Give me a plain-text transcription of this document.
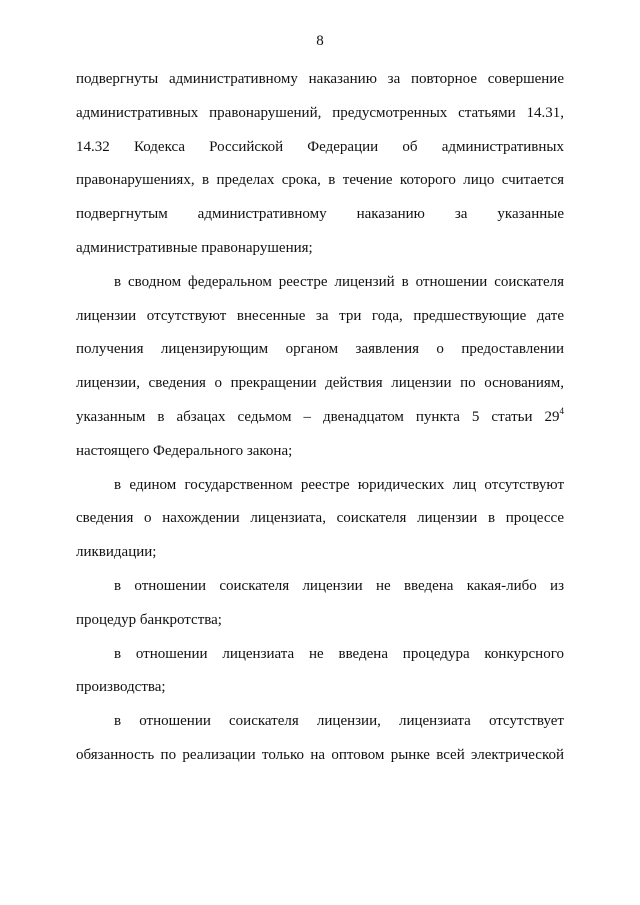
8
подвергнуты административному наказанию за повторное совершение
административных правонарушений, предусмотренных статьями 14.31,
14.32 Кодекса Российской Федерации об административных
правонарушениях, в пределах срока, в течение которого лицо считается
подвергнутым административному наказанию за указанные
административные правонарушения;
в сводном федеральном реестре лицензий в отношении соискателя
лицензии отсутствуют внесенные за три года, предшествующие дате
получения лицензирующим органом заявления о предоставлении
лицензии, сведения о прекращении действия лицензии по основаниям,
указанным в абзацах седьмом – двенадцатом пункта 5 статьи $29^4$
настоящего Федерального закона;
в едином государственном реестре юридических лиц отсутствуют
сведения о нахождении лицензиата, соискателя лицензии в процессе
ликвидации;
в отношении соискателя лицензии не введена какая-либо из
процедур банкротства;
в отношении лицензиата не введена процедура конкурсного
производства;
в отношении соискателя лицензии, лицензиата отсутствует
обязанность по реализации только на оптовом рынке всей электрической
